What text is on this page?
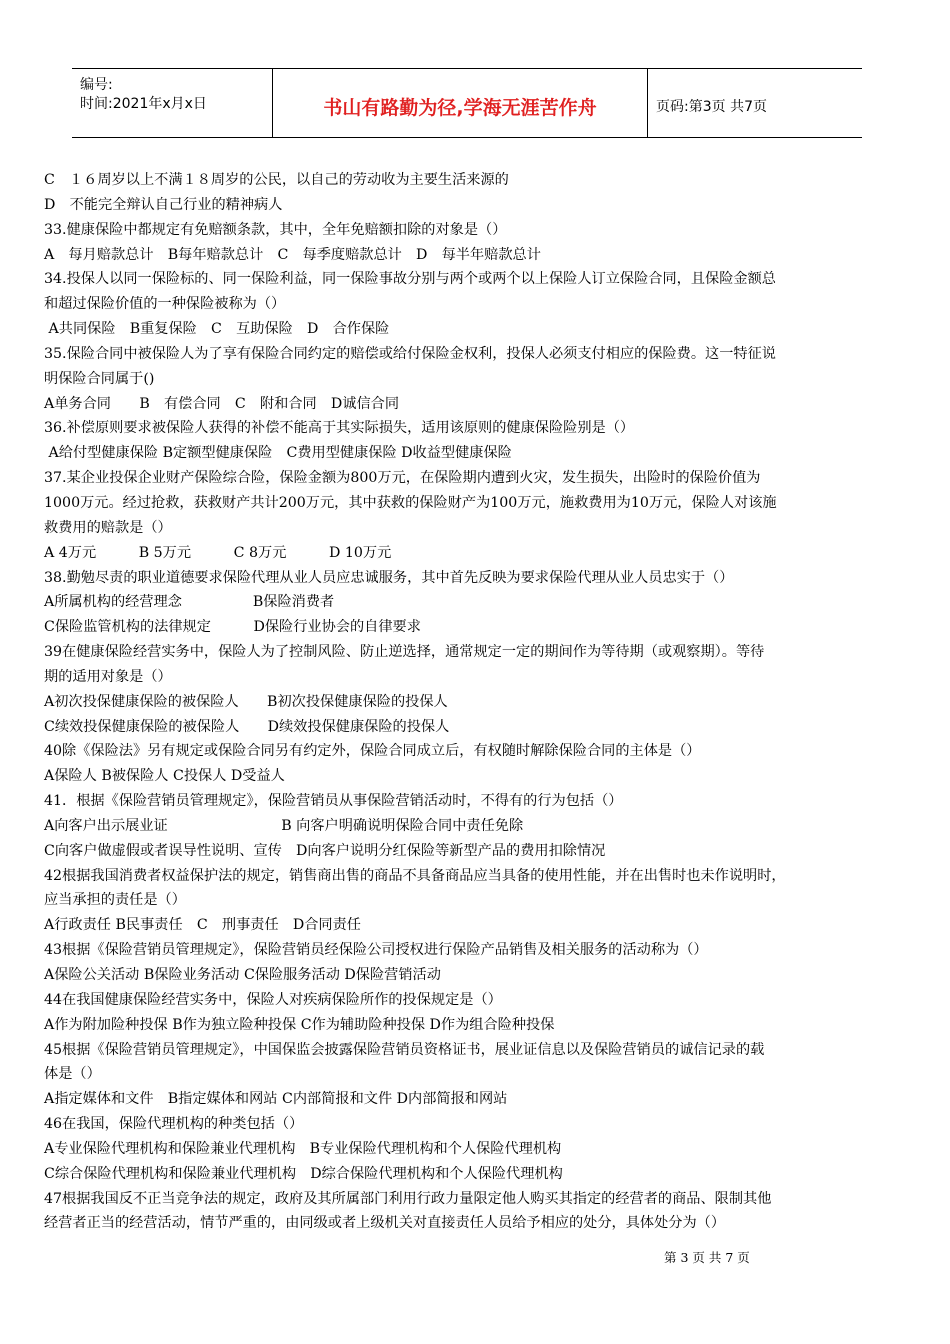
编号:
时间:2021年x月x日	书山有路勤为径,学海无涯苦作舟	页码:第3页 共7页
C　１６周岁以上不满１８周岁的公民，以自己的劳动收为主要生活来源的
D　不能完全辩认自己行业的精神病人
33.健康保险中都规定有免赔额条款，其中，全年免赔额扣除的对象是（）
A　每月赔款总计　B每年赔款总计　C　每季度赔款总计　D　每半年赔款总计
34.投保人以同一保险标的、同一保险利益，同一保险事故分别与两个或两个以上保险人订立保险合同，且保险金额总
和超过保险价值的一种保险被称为（）
A共同保险　B重复保险　C　互助保险　D　合作保险
35.保险合同中被保险人为了享有保险合同约定的赔偿或给付保险金权利，投保人必须支付相应的保险费。这一特征说
明保险合同属于()
A单务合同　　B　有偿合同　C　附和合同　D诚信合同
36.补偿原则要求被保险人获得的补偿不能高于其实际损失，适用该原则的健康保险险别是（）
A给付型健康保险 B定额型健康保险　C费用型健康保险 D收益型健康保险
37.某企业投保企业财产保险综合险，保险金额为800万元，在保险期内遭到火灾，发生损失，出险时的保险价值为
1000万元。经过抢救，获救财产共计200万元，其中获救的保险财产为100万元，施救费用为10万元，保险人对该施
救费用的赔款是（）
A 4万元　　　B 5万元　　　C 8万元　　　D 10万元
38.勤勉尽责的职业道德要求保险代理从业人员应忠诚服务，其中首先反映为要求保险代理从业人员忠实于（）
A所属机构的经营理念　　　　　B保险消费者
C保险监管机构的法律规定　　　D保险行业协会的自律要求
39在健康保险经营实务中，保险人为了控制风险、防止逆选择，通常规定一定的期间作为等待期（或观察期）。等待
期的适用对象是（）
A初次投保健康保险的被保险人　　B初次投保健康保险的投保人
C续效投保健康保险的被保险人　　D续效投保健康保险的投保人
40除《保险法》另有规定或保险合同另有约定外，保险合同成立后，有权随时解除保险合同的主体是（）
A保险人 B被保险人 C投保人 D受益人
41．根据《保险营销员管理规定》，保险营销员从事保险营销活动时，不得有的行为包括（）
A向客户出示展业证　　　　　　　　B 向客户明确说明保险合同中责任免除
C向客户做虚假或者误导性说明、宣传　D向客户说明分红保险等新型产品的费用扣除情况
42根据我国消费者权益保护法的规定，销售商出售的商品不具备商品应当具备的使用性能，并在出售时也未作说明时，
应当承担的责任是（）
A行政责任 B民事责任　C　刑事责任　D合同责任
43根据《保险营销员管理规定》，保险营销员经保险公司授权进行保险产品销售及相关服务的活动称为（）
A保险公关活动 B保险业务活动 C保险服务活动 D保险营销活动
44在我国健康保险经营实务中，保险人对疾病保险所作的投保规定是（）
A作为附加险种投保 B作为独立险种投保 C作为辅助险种投保 D作为组合险种投保
45根据《保险营销员管理规定》，中国保监会披露保险营销员资格证书，展业证信息以及保险营销员的诚信记录的载
体是（）
A指定媒体和文件　B指定媒体和网站 C内部简报和文件 D内部简报和网站
46在我国，保险代理机构的种类包括（）
A专业保险代理机构和保险兼业代理机构　B专业保险代理机构和个人保险代理机构
C综合保险代理机构和保险兼业代理机构　D综合保险代理机构和个人保险代理机构
47根据我国反不正当竞争法的规定，政府及其所属部门利用行政力量限定他人购买其指定的经营者的商品、限制其他
经营者正当的经营活动，情节严重的，由同级或者上级机关对直接责任人员给予相应的处分，具体处分为（）
第 3 页 共 7 页
